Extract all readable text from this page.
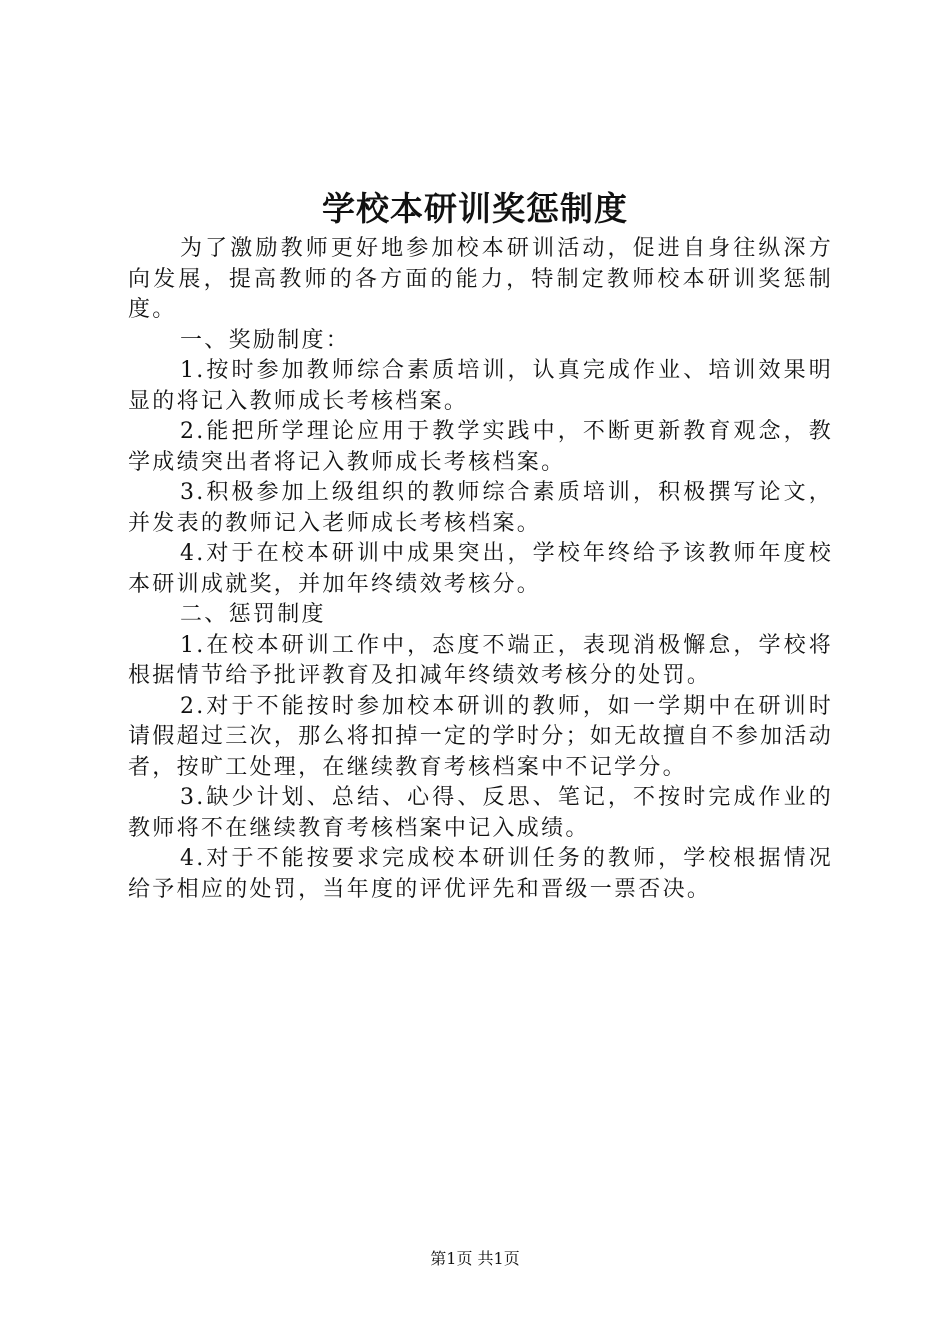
学校本研训奖惩制度

为了激励教师更好地参加校本研训活动，促进自身往纵深方向发展，提高教师的各方面的能力，特制定教师校本研训奖惩制度。

一、奖励制度：

1.按时参加教师综合素质培训，认真完成作业、培训效果明显的将记入教师成长考核档案。

2.能把所学理论应用于教学实践中，不断更新教育观念，教学成绩突出者将记入教师成长考核档案。

3.积极参加上级组织的教师综合素质培训，积极撰写论文，并发表的教师记入老师成长考核档案。

4.对于在校本研训中成果突出，学校年终给予该教师年度校本研训成就奖，并加年终绩效考核分。

二、惩罚制度

1.在校本研训工作中，态度不端正，表现消极懈怠，学校将根据情节给予批评教育及扣减年终绩效考核分的处罚。

2.对于不能按时参加校本研训的教师，如一学期中在研训时请假超过三次，那么将扣掉一定的学时分；如无故擅自不参加活动者，按旷工处理，在继续教育考核档案中不记学分。

3.缺少计划、总结、心得、反思、笔记，不按时完成作业的教师将不在继续教育考核档案中记入成绩。

4.对于不能按要求完成校本研训任务的教师，学校根据情况给予相应的处罚，当年度的评优评先和晋级一票否决。

第1页 共1页
